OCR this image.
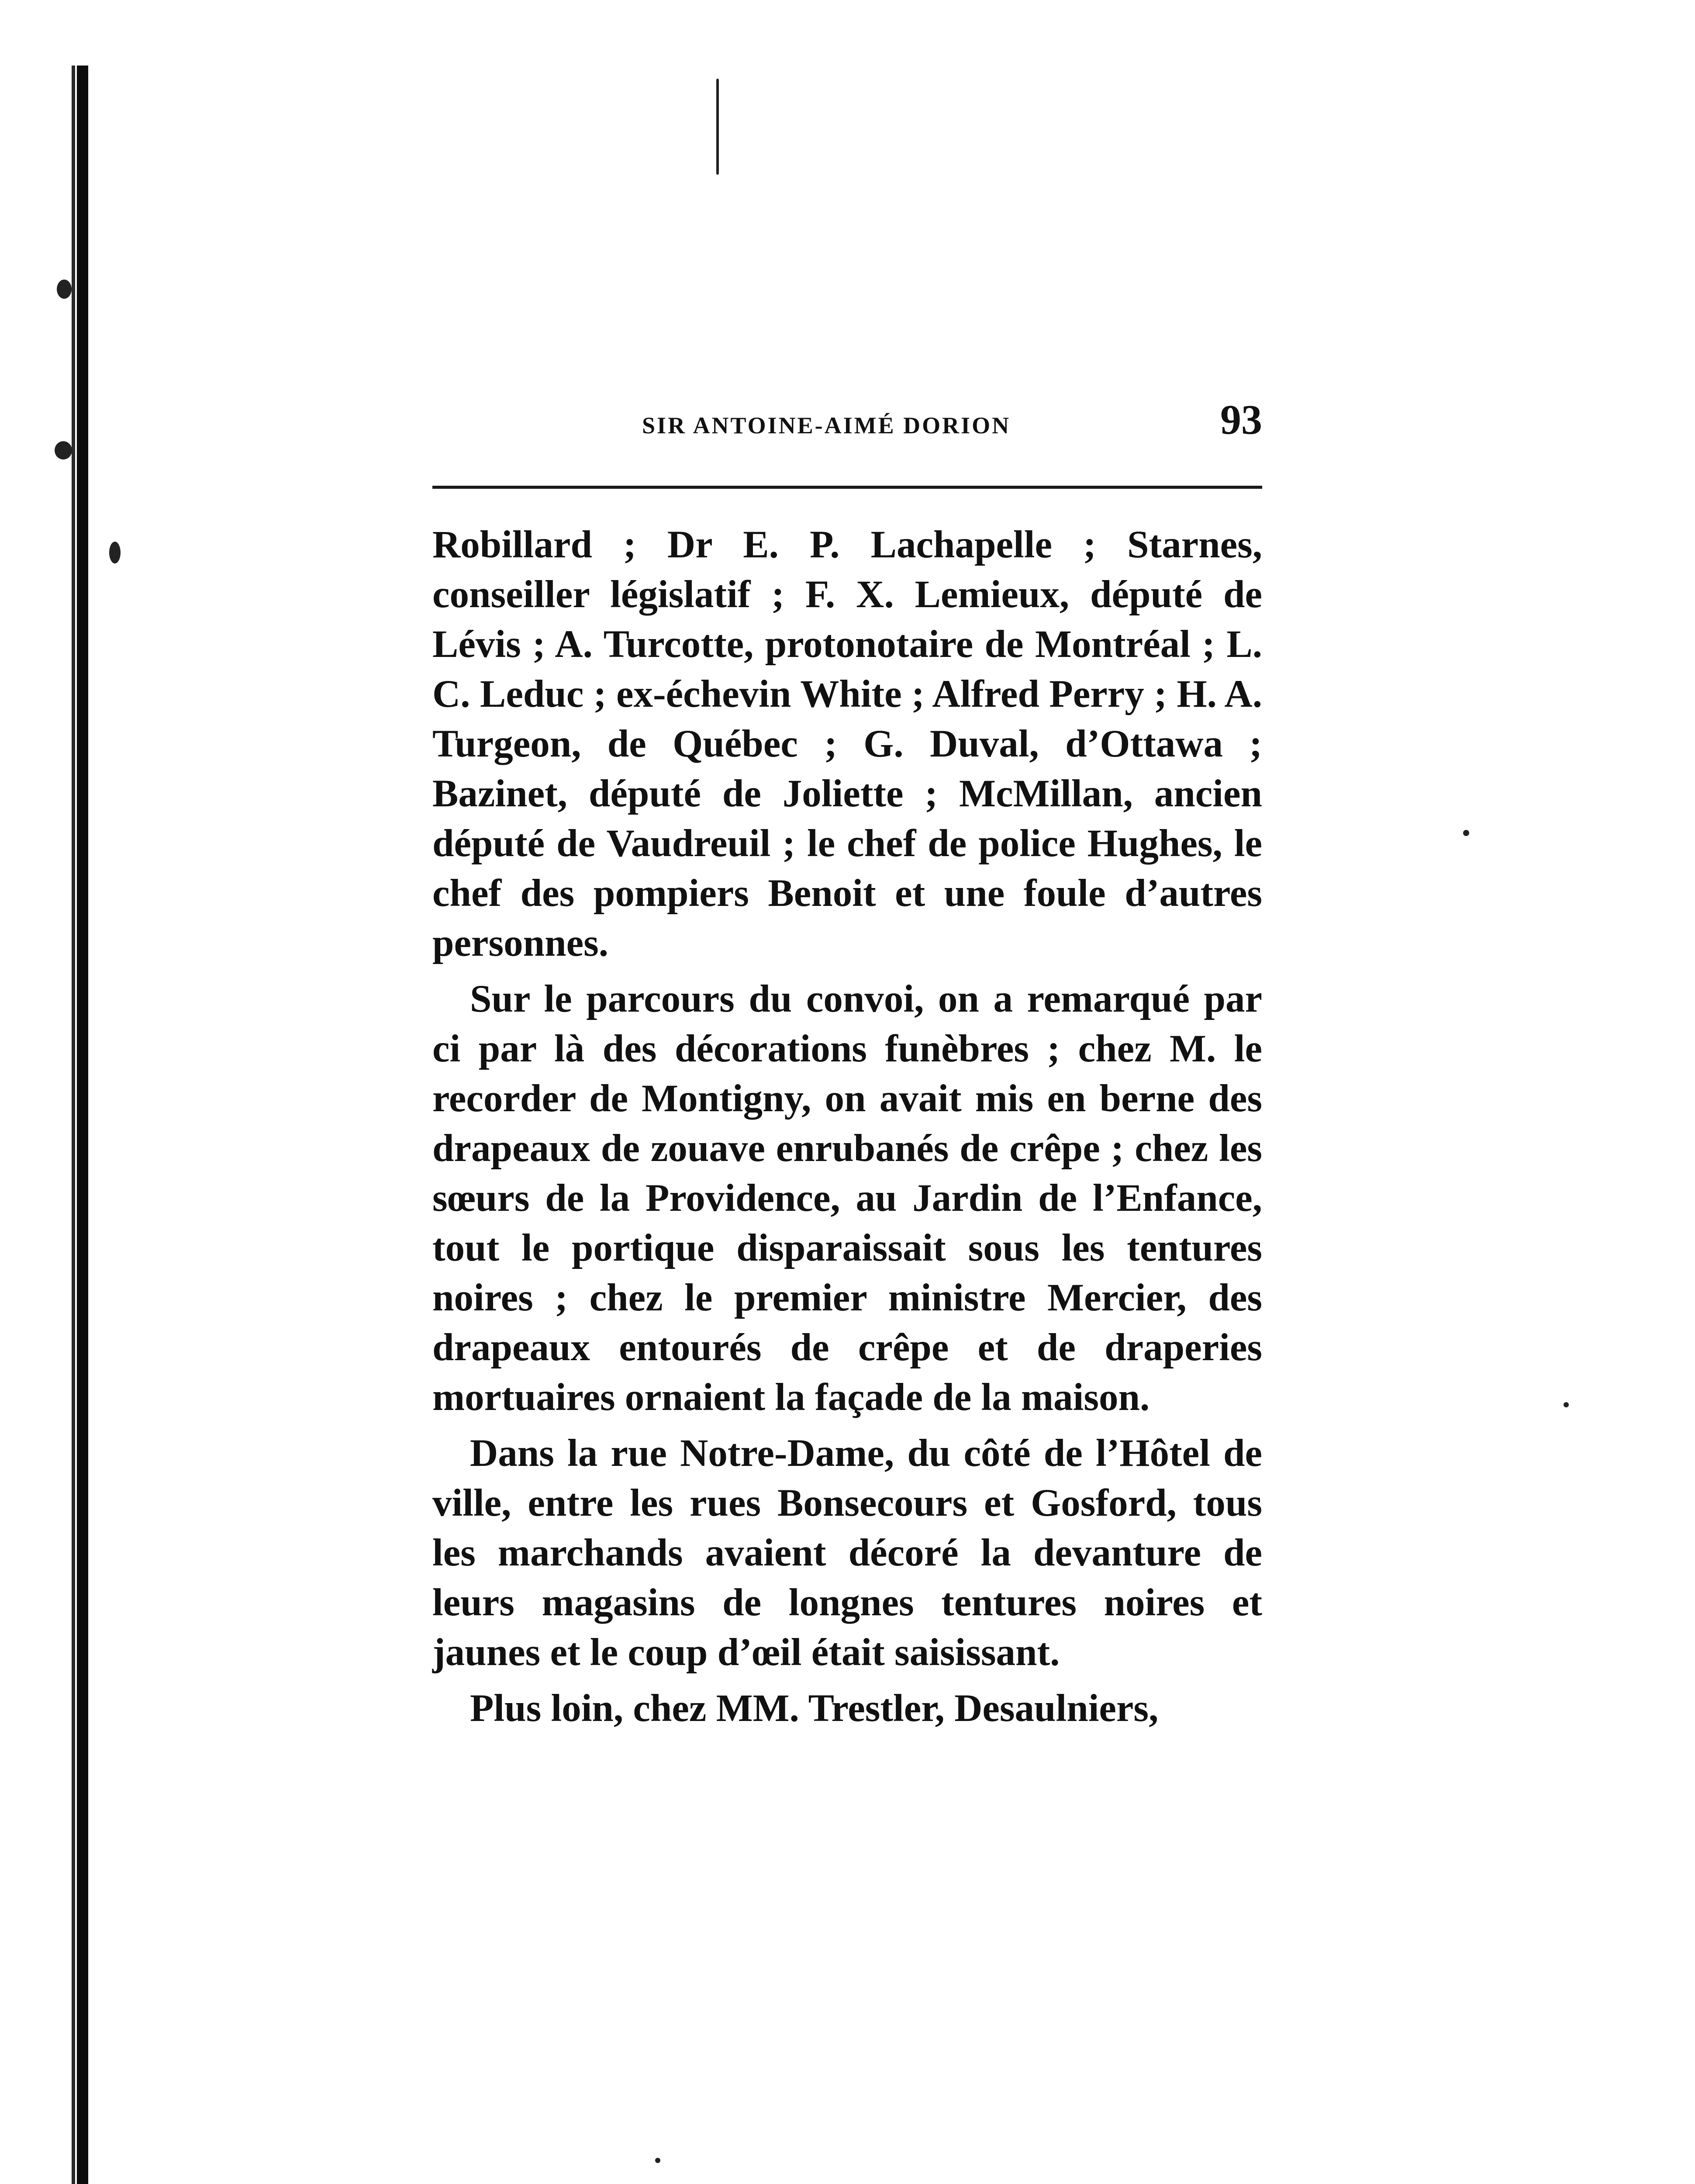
SIR ANTOINE-AIMÉ DORION	93

Robillard ; Dr E. P. Lachapelle ; Starnes, conseiller législatif ; F. X. Lemieux, député de Lévis ; A. Turcotte, protonotaire de Montréal ; L. C. Leduc ; ex-échevin White ; Alfred Perry ; H. A. Turgeon, de Québec ; G. Duval, d’Ottawa ; Bazinet, député de Joliette ; McMillan, ancien député de Vaudreuil ; le chef de police Hughes, le chef des pompiers Benoit et une foule d’autres personnes.

Sur le parcours du convoi, on a remarqué par ci par là des décorations funèbres ; chez M. le recorder de Montigny, on avait mis en berne des drapeaux de zouave enrubanés de crêpe ; chez les sœurs de la Providence, au Jardin de l’Enfance, tout le portique disparaissait sous les tentures noires ; chez le premier ministre Mercier, des drapeaux entourés de crêpe et de draperies mortuaires ornaient la façade de la maison.

Dans la rue Notre-Dame, du côté de l’Hôtel de ville, entre les rues Bonsecours et Gosford, tous les marchands avaient décoré la devanture de leurs magasins de longnes tentures noires et jaunes et le coup d’œil était saisissant.

Plus loin, chez MM. Trestler, Desaulniers,
